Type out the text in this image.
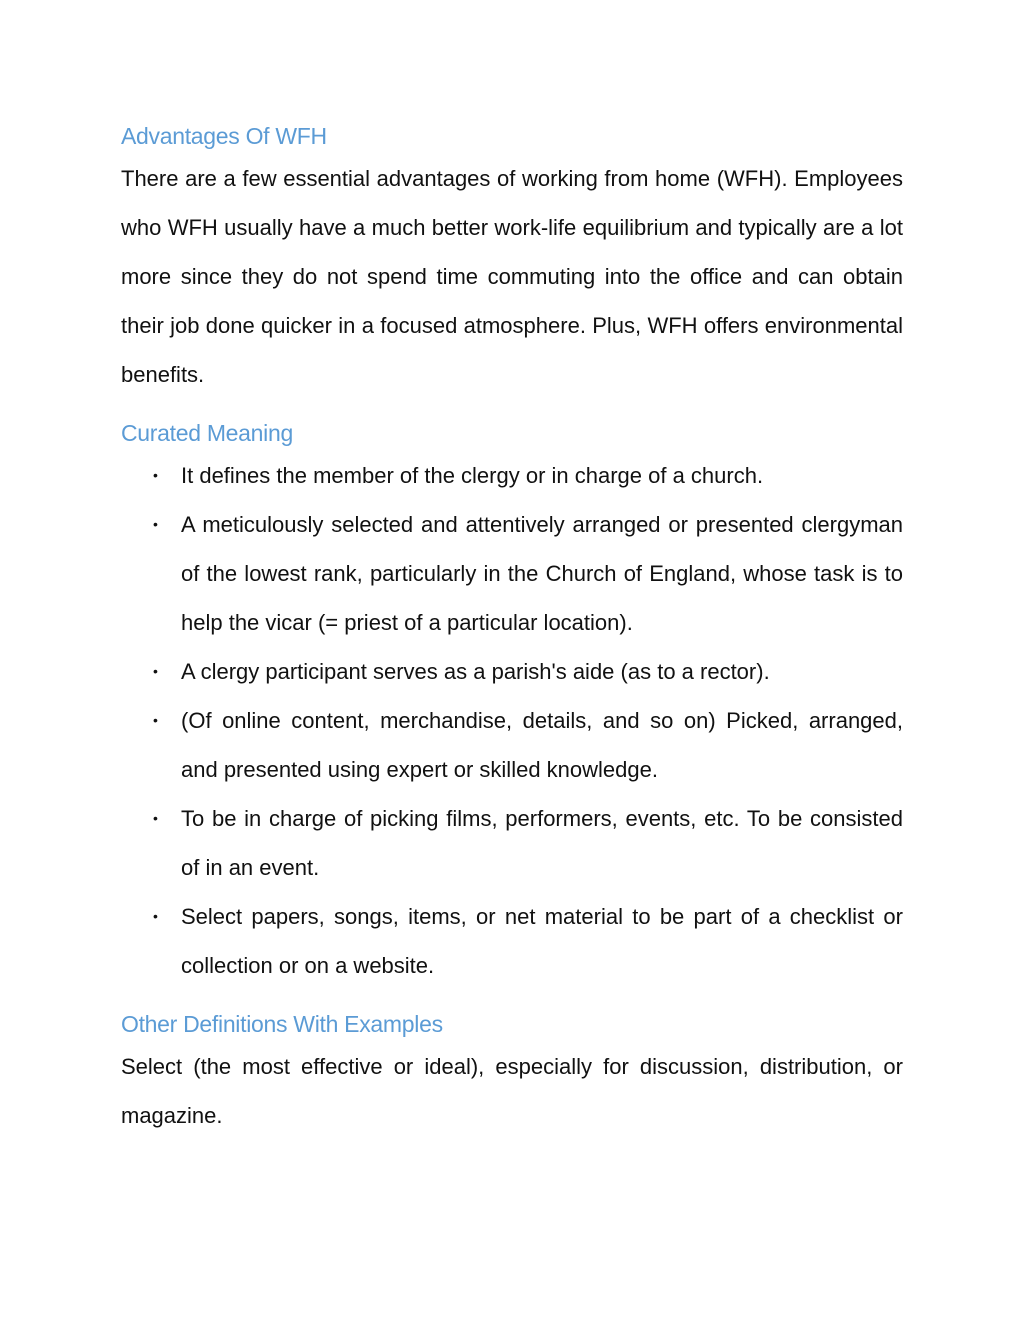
Advantages Of WFH

There are a few essential advantages of working from home (WFH). Employees who WFH usually have a much better work-life equilibrium and typically are a lot more since they do not spend time commuting into the office and can obtain their job done quicker in a focused atmosphere. Plus, WFH offers environmental benefits.

Curated Meaning
• It defines the member of the clergy or in charge of a church.
• A meticulously selected and attentively arranged or presented clergyman of the lowest rank, particularly in the Church of England, whose task is to help the vicar (= priest of a particular location).
• A clergy participant serves as a parish's aide (as to a rector).
• (Of online content, merchandise, details, and so on) Picked, arranged, and presented using expert or skilled knowledge.
• To be in charge of picking films, performers, events, etc. To be consisted of in an event.
• Select papers, songs, items, or net material to be part of a checklist or collection or on a website.
Other Definitions With Examples

Select (the most effective or ideal), especially for discussion, distribution, or magazine.
